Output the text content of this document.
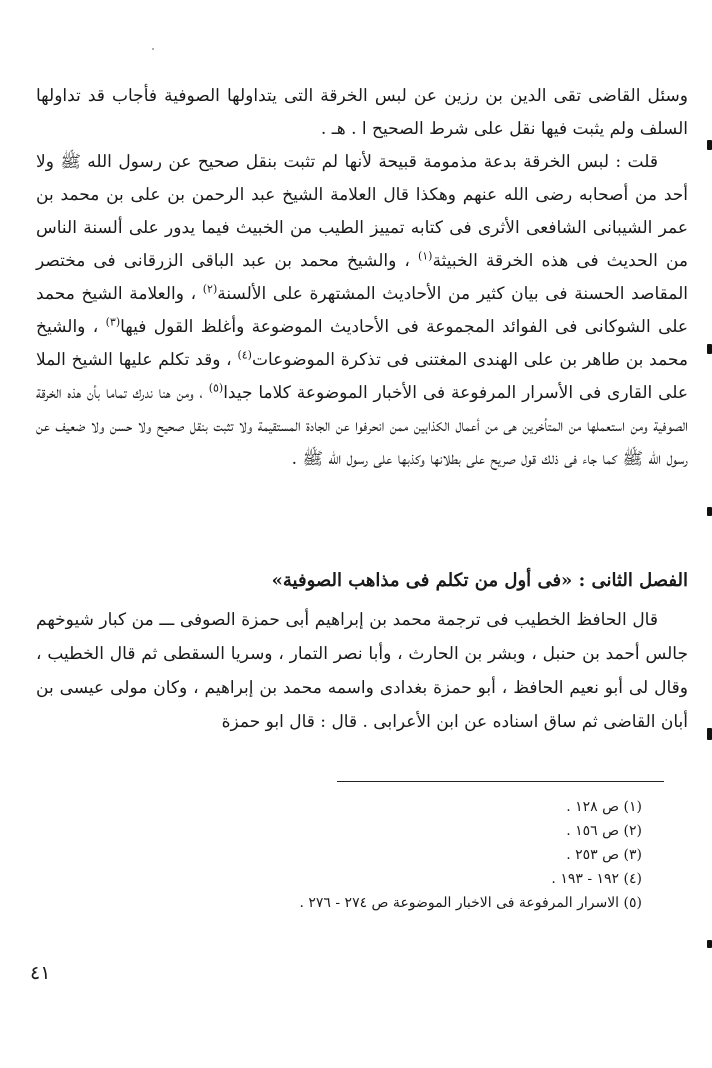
وسئل القاضى تقى الدين بن رزين عن لبس الخرقة التى يتداولها الصوفية فأجاب قد تداولها السلف ولم يثبت فيها نقل على شرط الصحيح ا . هـ .

قلت : لبس الخرقة بدعة مذمومة قبيحة لأنها لم تثبت بنقل صحيح عن رسول الله ﷺ ولا أحد من أصحابه رضى الله عنهم وهكذا قال العلامة الشيخ عبد الرحمن بن على بن محمد بن عمر الشيبانى الشافعى الأثرى فى كتابه تمييز الطيب من الخبيث فيما يدور على ألسنة الناس من الحديث فى هذه الخرقة الخبيثة$^{(١)}$ ، والشيخ محمد بن عبد الباقى الزرقانى فى مختصر المقاصد الحسنة فى بيان كثير من الأحاديث المشتهرة على الألسنة$^{(٢)}$ ، والعلامة الشيخ محمد على الشوكانى فى الفوائد المجموعة فى الأحاديث الموضوعة وأغلظ القول فيها$^{(٣)}$ ، والشيخ محمد بن طاهر بن على الهندى المغتنى فى تذكرة الموضوعات$^{(٤)}$ ، وقد تكلم عليها الشيخ الملا على القارى فى الأسرار المرفوعة فى الأخبار الموضوعة كلاما جيدا$^{(٥)}$ ، ومن هنا ندرك تماما بأن هذه الخرقة الصوفية ومن استعملها من المتأخرين هى من أعمال الكذابين ممن انحرفوا عن الجادة المستقيمة ولا تثبت بنقل صحيح ولا حسن ولا ضعيف عن رسول الله ﷺ كما جاء فى ذلك قول صريح على بطلانها وكذبها على رسول الله ﷺ .

الفصل الثانى : «فى أول من تكلم فى مذاهب الصوفية»

قال الحافظ الخطيب فى ترجمة محمد بن إبراهيم أبى حمزة الصوفى ـــ من كبار شيوخهم جالس أحمد بن حنبل ، وبشر بن الحارث ، وأبا نصر التمار ، وسريا السقطى ثم قال الخطيب ، وقال لى أبو نعيم الحافظ ، أبو حمزة بغدادى واسمه محمد بن إبراهيم ، وكان مولى عيسى بن أبان القاضى ثم ساق اسناده عن ابن الأعرابى . قال : قال ابو حمزة

(١) ص ١٢٨ .
(٢) ص ١٥٦ .
(٣) ص ٢٥٣ .
(٤) ١٩٢ - ١٩٣ .
(٥) الاسرار المرفوعة فى الاخبار الموضوعة ص ٢٧٤ - ٢٧٦ .
٤١
